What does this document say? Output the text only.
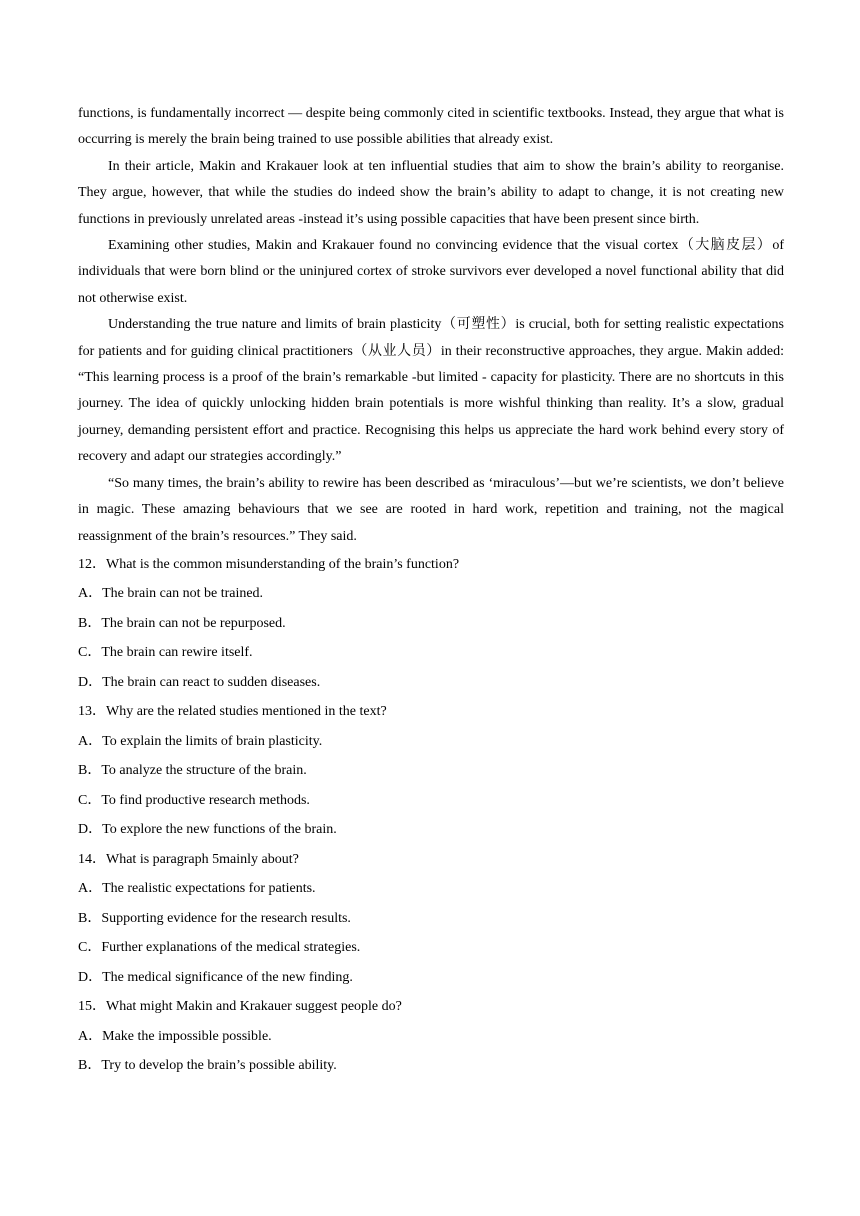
functions, is fundamentally incorrect — despite being commonly cited in scientific textbooks. Instead, they argue that what is occurring is merely the brain being trained to use possible abilities that already exist.

In their article, Makin and Krakauer look at ten influential studies that aim to show the brain’s ability to reorganise. They argue, however, that while the studies do indeed show the brain’s ability to adapt to change, it is not creating new functions in previously unrelated areas -instead it’s using possible capacities that have been present since birth.

Examining other studies, Makin and Krakauer found no convincing evidence that the visual cortex（大脑皮层）of individuals that were born blind or the uninjured cortex of stroke survivors ever developed a novel functional ability that did not otherwise exist.

Understanding the true nature and limits of brain plasticity（可塑性）is crucial, both for setting realistic expectations for patients and for guiding clinical practitioners（从业人员）in their reconstructive approaches, they argue. Makin added: “This learning process is a proof of the brain’s remarkable -but limited - capacity for plasticity. There are no shortcuts in this journey. The idea of quickly unlocking hidden brain potentials is more wishful thinking than reality. It’s a slow, gradual journey, demanding persistent effort and practice. Recognising this helps us appreciate the hard work behind every story of recovery and adapt our strategies accordingly.”

“So many times, the brain’s ability to rewire has been described as ‘miraculous’—but we’re scientists, we don’t believe in magic. These amazing behaviours that we see are rooted in hard work, repetition and training, not the magical reassignment of the brain’s resources.” They said.

12．What is the common misunderstanding of the brain’s function?

A．The brain can not be trained.

B．The brain can not be repurposed.

C．The brain can rewire itself.

D．The brain can react to sudden diseases.

13．Why are the related studies mentioned in the text?

A．To explain the limits of brain plasticity.

B．To analyze the structure of the brain.

C．To find productive research methods.

D．To explore the new functions of the brain.

14．What is paragraph 5mainly about?

A．The realistic expectations for patients.

B．Supporting evidence for the research results.

C．Further explanations of the medical strategies.

D．The medical significance of the new finding.

15．What might Makin and Krakauer suggest people do?

A．Make the impossible possible.

B．Try to develop the brain’s possible ability.
